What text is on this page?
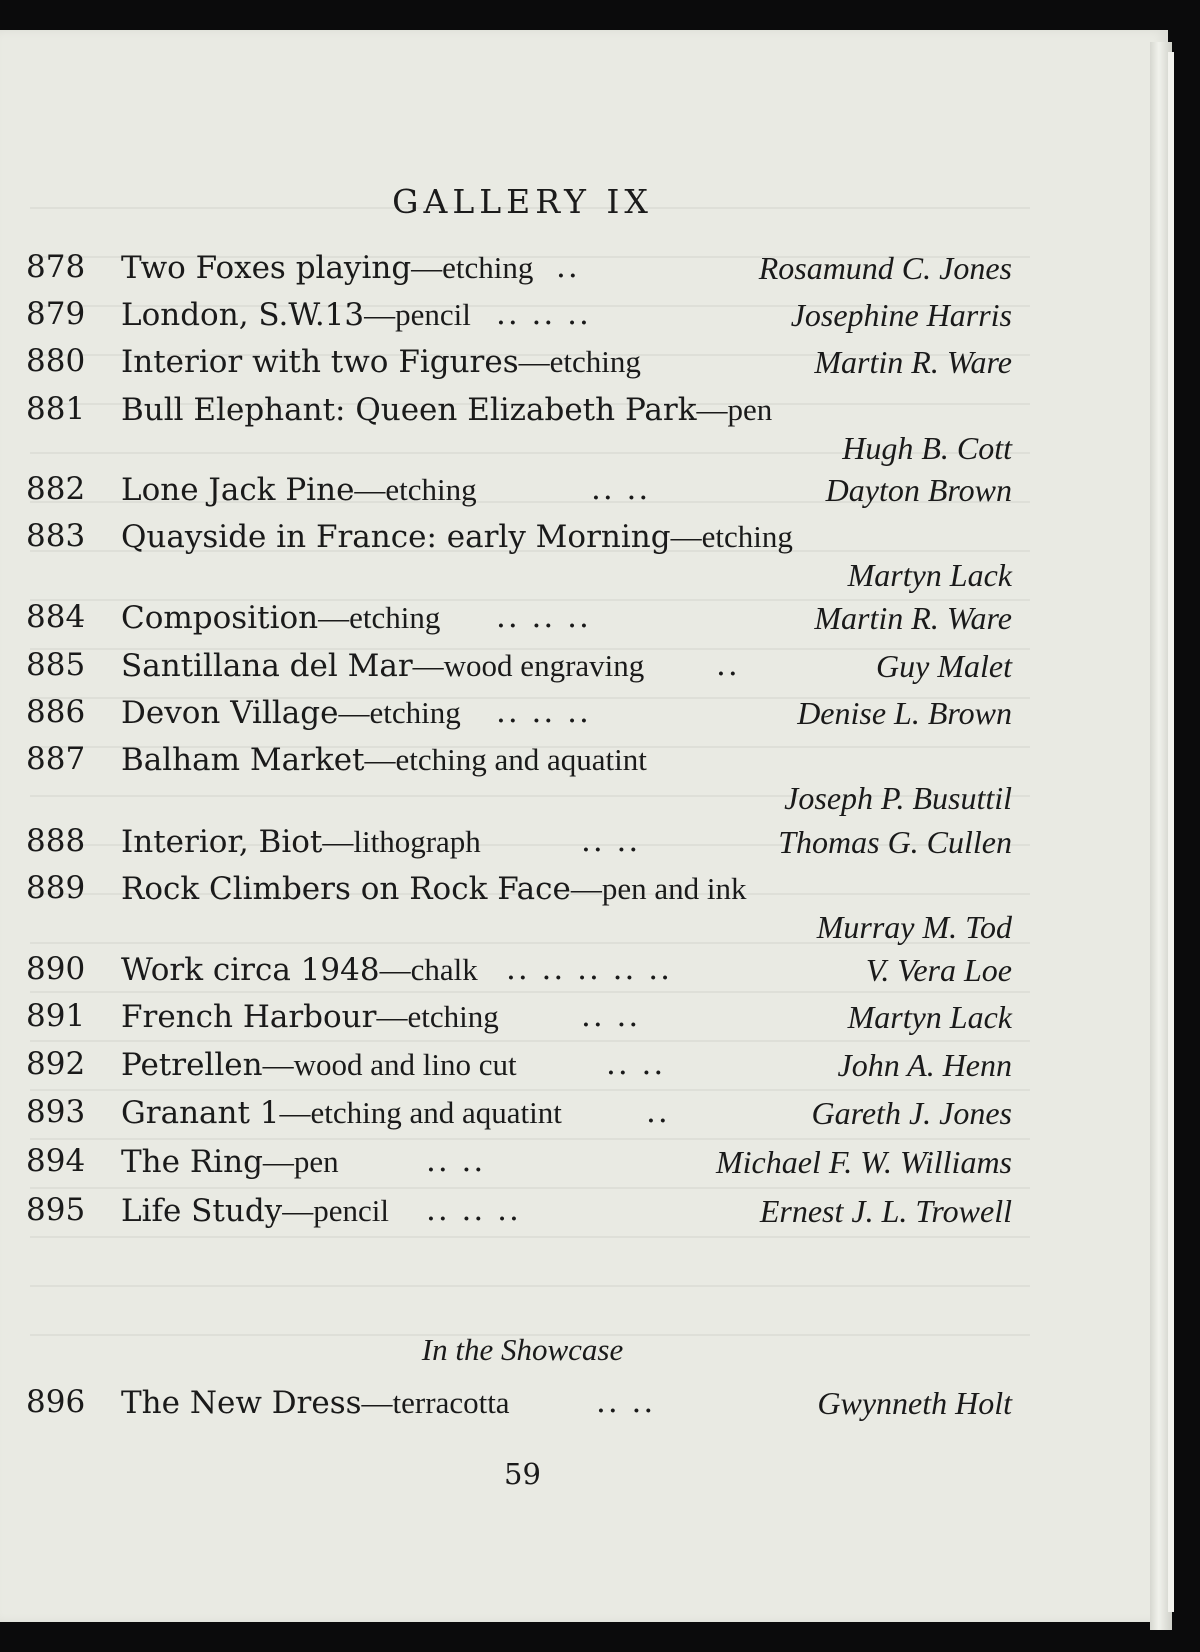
GALLERY IX
878 Two Foxes playing—etching ..	Rosamund C. Jones
879 London, S.W.13—pencil .. .. ..	Josephine Harris
880 Interior with two Figures—etching	Martin R. Ware
881 Bull Elephant: Queen Elizabeth Park—pen
Hugh B. Cott
882 Lone Jack Pine—etching	.. ..	Dayton Brown
883 Quayside in France: early Morning—etching
Martyn Lack
884 Composition—etching .. .. ..	Martin R. Ware
885 Santillana del Mar—wood engraving ..	Guy Malet
886 Devon Village—etching .. .. ..	Denise L. Brown
887 Balham Market—etching and aquatint
Joseph P. Busuttil
888 Interior, Biot—lithograph	.. ..	Thomas G. Cullen
889 Rock Climbers on Rock Face—pen and ink
Murray M. Tod
890 Work circa 1948—chalk .. .. .. .. ..	V. Vera Loe
891 French Harbour—etching	.. ..	Martyn Lack
892 Petrellen—wood and lino cut	.. ..	John A. Henn
893 Granant 1—etching and aquatint	..	Gareth J. Jones
894 The Ring—pen	.. ..	Michael F. W. Williams
895 Life Study—pencil .. .. ..	Ernest J. L. Trowell
In the Showcase
896 The New Dress—terracotta	.. ..	Gwynneth Holt
59
